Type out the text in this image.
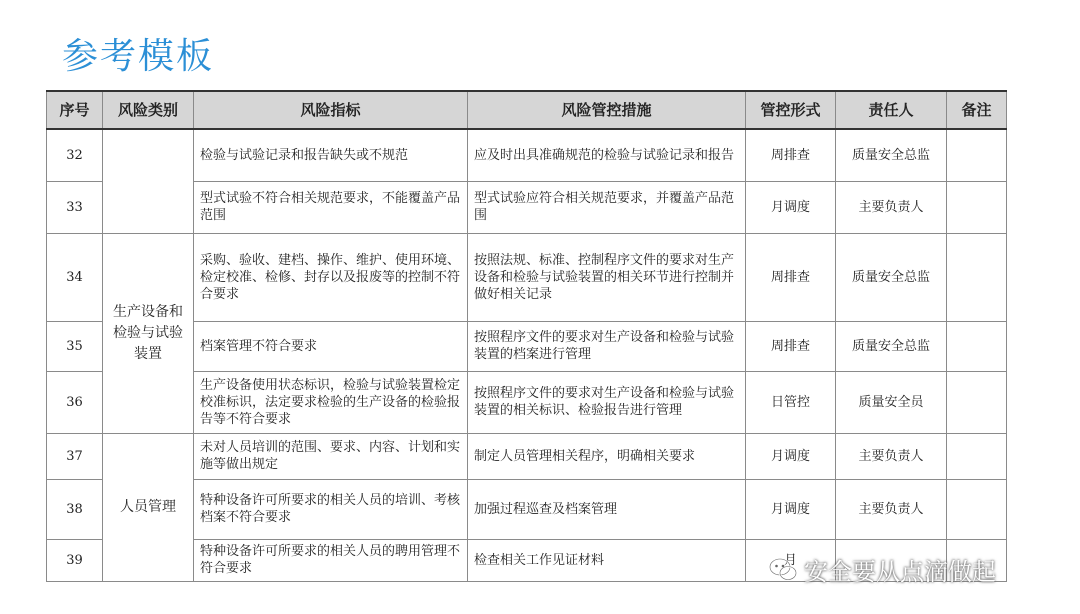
参考模板
序号	风险类别	风险指标	风险管控措施	管控形式	责任人	备注
32		检验与试验记录和报告缺失或不规范	应及时出具准确规范的检验与试验记录和报告	周排查	质量安全总监	
33		型式试验不符合相关规范要求，不能覆盖产品范围	型式试验应符合相关规范要求，并覆盖产品范围	月调度	主要负责人	
34	生产设备和检验与试验装置	采购、验收、建档、操作、维护、使用环境、检定校准、检修、封存以及报废等的控制不符合要求	按照法规、标准、控制程序文件的要求对生产设备和检验与试验装置的相关环节进行控制并做好相关记录	周排查	质量安全总监	
35		档案管理不符合要求	按照程序文件的要求对生产设备和检验与试验装置的档案进行管理	周排查	质量安全总监	
36		生产设备使用状态标识，检验与试验装置检定校准标识，法定要求检验的生产设备的检验报告等不符合要求	按照程序文件的要求对生产设备和检验与试验装置的相关标识、检验报告进行管理	日管控	质量安全员	
37	人员管理	未对人员培训的范围、要求、内容、计划和实施等做出规定	制定人员管理相关程序，明确相关要求	月调度	主要负责人	
38		特种设备许可所要求的相关人员的培训、考核档案不符合要求	加强过程巡查及档案管理	月调度	主要负责人	
39		特种设备许可所要求的相关人员的聘用管理不符合要求	检查相关工作见证材料	月		安全要从点滴做起
